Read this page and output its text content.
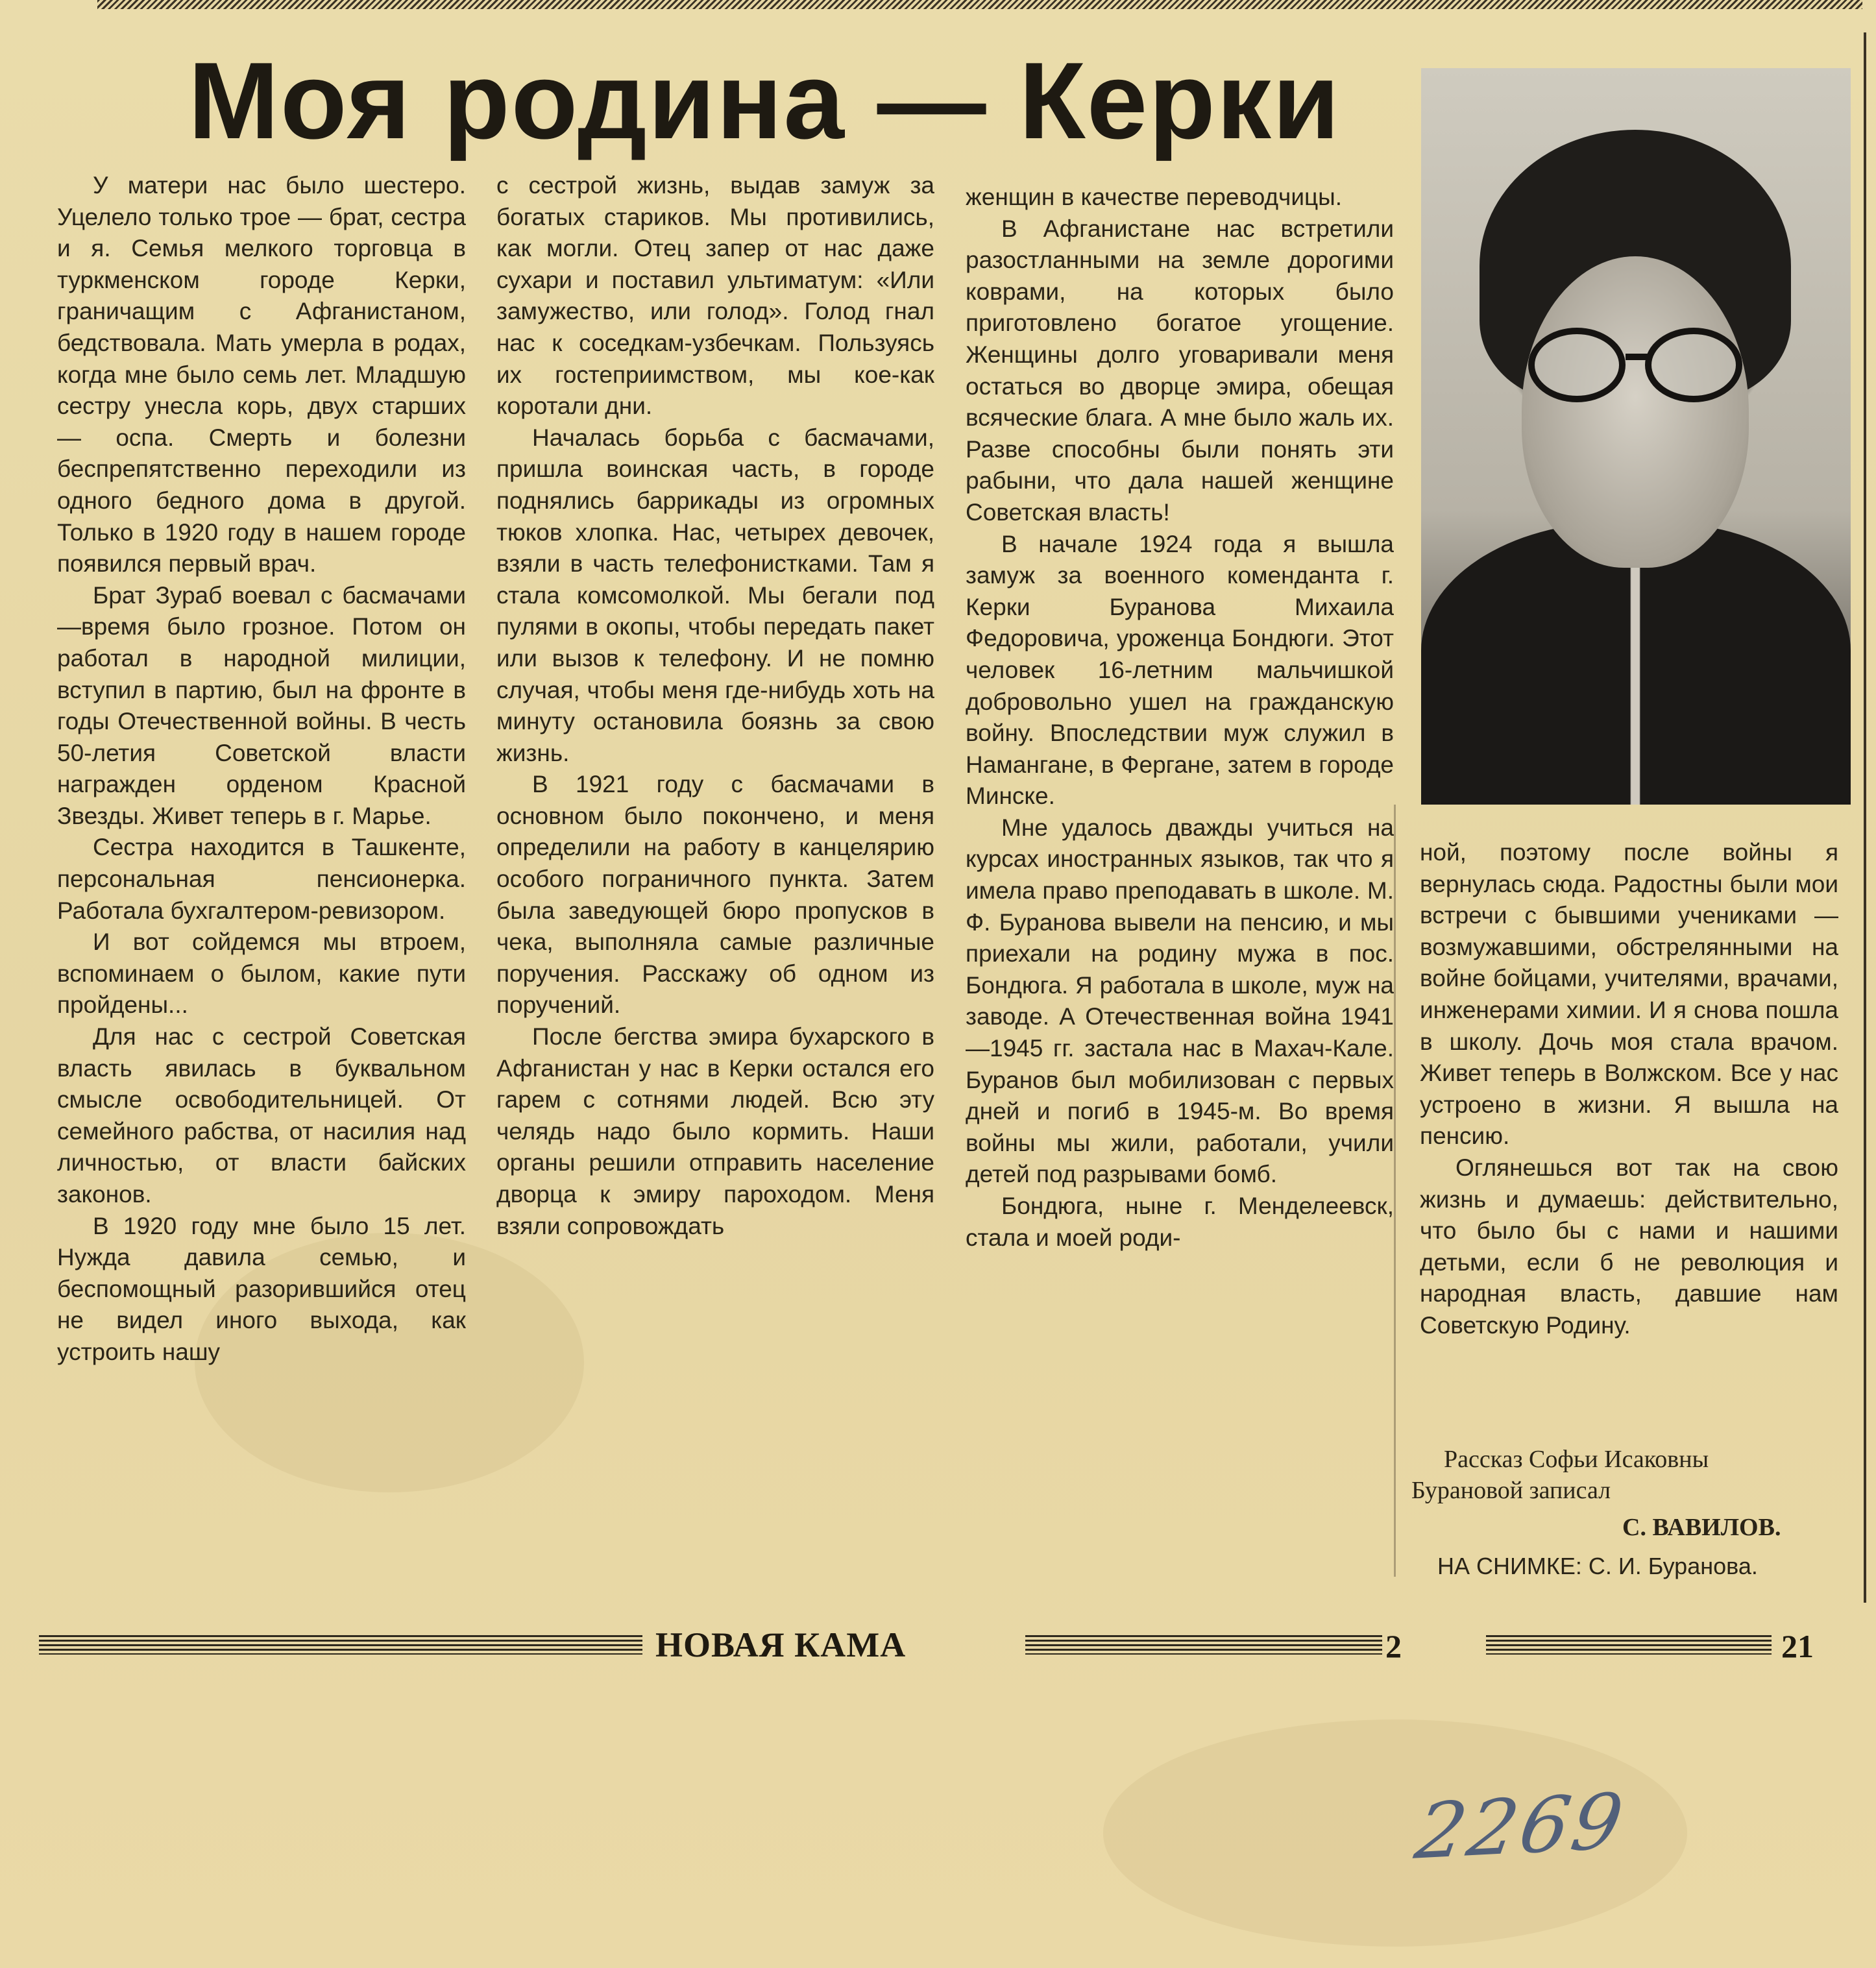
Моя родина — Керки

У матери нас было шестеро. Уцелело только трое — брат, сестра и я. Семья мелкого торговца в туркменском городе Керки, граничащим с Афганистаном, бедствовала. Мать умерла в родах, когда мне было семь лет. Младшую сестру унесла корь, двух старших — оспа. Смерть и болезни беспрепятственно переходили из одного бедного дома в другой. Только в 1920 году в нашем городе появился первый врач.

Брат Зураб воевал с басмачами—время было грозное. Потом он работал в народной милиции, вступил в партию, был на фронте в годы Отечественной войны. В честь 50-летия Советской власти награжден орденом Красной Звезды. Живет теперь в г. Марье.

Сестра находится в Ташкенте, персональная пенсионерка. Работала бухгалтером-ревизором.

И вот сойдемся мы втроем, вспоминаем о былом, какие пути пройдены...

Для нас с сестрой Советская власть явилась в буквальном смысле освободительницей. От семейного рабства, от насилия над личностью, от власти байских законов.

В 1920 году мне было 15 лет. Нужда давила семью, и беспомощный разорившийся отец не видел иного выхода, как устроить нашу

с сестрой жизнь, выдав замуж за богатых стариков. Мы противились, как могли. Отец запер от нас даже сухари и поставил ультиматум: «Или замужество, или голод». Голод гнал нас к соседкам-узбечкам. Пользуясь их гостеприимством, мы кое-как коротали дни.

Началась борьба с басмачами, пришла воинская часть, в городе поднялись баррикады из огромных тюков хлопка. Нас, четырех девочек, взяли в часть телефонистками. Там я стала комсомолкой. Мы бегали под пулями в окопы, чтобы передать пакет или вызов к телефону. И не помню случая, чтобы меня где-нибудь хоть на минуту остановила боязнь за свою жизнь.

В 1921 году с басмачами в основном было покончено, и меня определили на работу в канцелярию особого пограничного пункта. Затем была заведующей бюро пропусков в чека, выполняла самые различные поручения. Расскажу об одном из поручений.

После бегства эмира бухарского в Афганистан у нас в Керки остался его гарем с сотнями людей. Всю эту челядь надо было кормить. Наши органы решили отправить население дворца к эмиру пароходом. Меня взяли сопровождать

женщин в качестве переводчицы.

В Афганистане нас встретили разостланными на земле дорогими коврами, на которых было приготовлено богатое угощение. Женщины долго уговаривали меня остаться во дворце эмира, обещая всяческие блага. А мне было жаль их. Разве способны были понять эти рабыни, что дала нашей женщине Советская власть!

В начале 1924 года я вышла замуж за военного коменданта г. Керки Буранова Михаила Федоровича, уроженца Бондюги. Этот человек 16-летним мальчишкой добровольно ушел на гражданскую войну. Впоследствии муж служил в Намангане, в Фергане, затем в городе Минске.

Мне удалось дважды учиться на курсах иностранных языков, так что я имела право преподавать в школе. М. Ф. Буранова вывели на пенсию, и мы приехали на родину мужа в пос. Бондюга. Я работала в школе, муж на заводе. А Отечественная война 1941—1945 гг. застала нас в Махач-Кале. Буранов был мобилизован с первых дней и погиб в 1945-м. Во время войны мы жили, работали, учили детей под разрывами бомб.

Бондюга, ныне г. Менделеевск, стала и моей роди-

ной, поэтому после войны я вернулась сюда. Радостны были мои встречи с бывшими учениками — возмужавшими, обстрелянными на войне бойцами, учителями, врачами, инженерами химии. И я снова пошла в школу. Дочь моя стала врачом. Живет теперь в Волжском. Все у нас устроено в жизни. Я вышла на пенсию.

Оглянешься вот так на свою жизнь и думаешь: действительно, что было бы с нами и нашими детьми, если б не революция и народная власть, давшие нам Советскую Родину.

Рассказ Софьи Исаковны
Бурановой записал
С. ВАВИЛОВ.
НА СНИМКЕ: С. И. Буранова.
НОВАЯ КАМА	2	21
2269
